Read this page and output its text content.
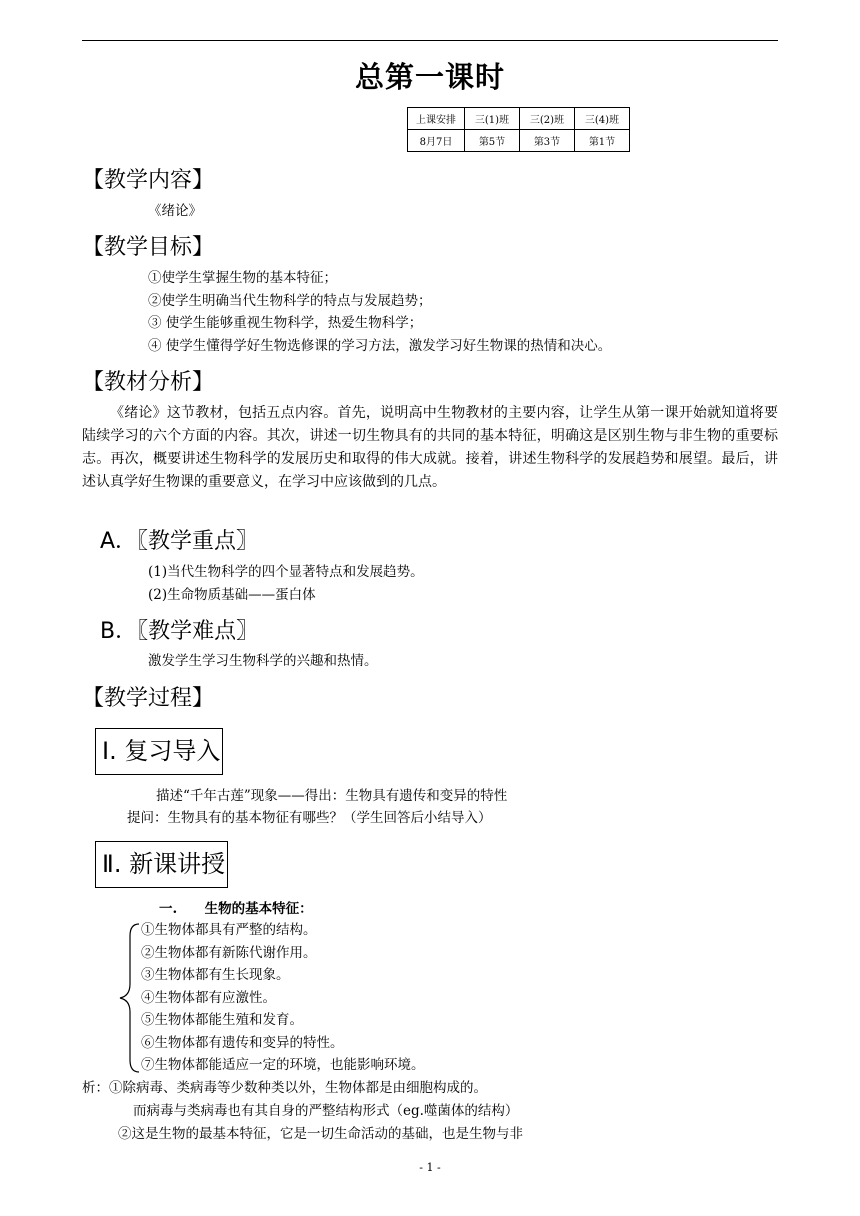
总第一课时
上课安排	三(1)班	三(2)班	三(4)班
8月7日	第5节	第3节	第1节
【教学内容】
《绪论》
【教学目标】
①使学生掌握生物的基本特征；
②使学生明确当代生物科学的特点与发展趋势；
③ 使学生能够重视生物科学，热爱生物科学；
④ 使学生懂得学好生物选修课的学习方法，激发学习好生物课的热情和决心。
【教材分析】
《绪论》这节教材，包括五点内容。首先，说明高中生物教材的主要内容，让学生从第一课开始就知道将要陆续学习的六个方面的内容。其次，讲述一切生物具有的共同的基本特征，明确这是区别生物与非生物的重要标志。再次，概要讲述生物科学的发展历史和取得的伟大成就。接着，讲述生物科学的发展趋势和展望。最后，讲述认真学好生物课的重要意义，在学习中应该做到的几点。
A．〖教学重点〗
(1)当代生物科学的四个显著特点和发展趋势。
(2)生命物质基础——蛋白体
B．〖教学难点〗
激发学生学习生物科学的兴趣和热情。
【教学过程】
Ⅰ. 复习导入
描述“千年古莲”现象——得出：生物具有遗传和变异的特性
提问：生物具有的基本物征有哪些？（学生回答后小结导入）
Ⅱ. 新课讲授
一. 生物的基本特征：
①生物体都具有严整的结构。
②生物体都有新陈代谢作用。
③生物体都有生长现象。
④生物体都有应激性。
⑤生物体都能生殖和发育。
⑥生物体都有遗传和变异的特性。
⑦生物体都能适应一定的环境，也能影响环境。
析：①除病毒、类病毒等少数种类以外，生物体都是由细胞构成的。
而病毒与类病毒也有其自身的严整结构形式（eg.噬菌体的结构）
②这是生物的最基本特征，它是一切生命活动的基础，也是生物与非
- 1 -
